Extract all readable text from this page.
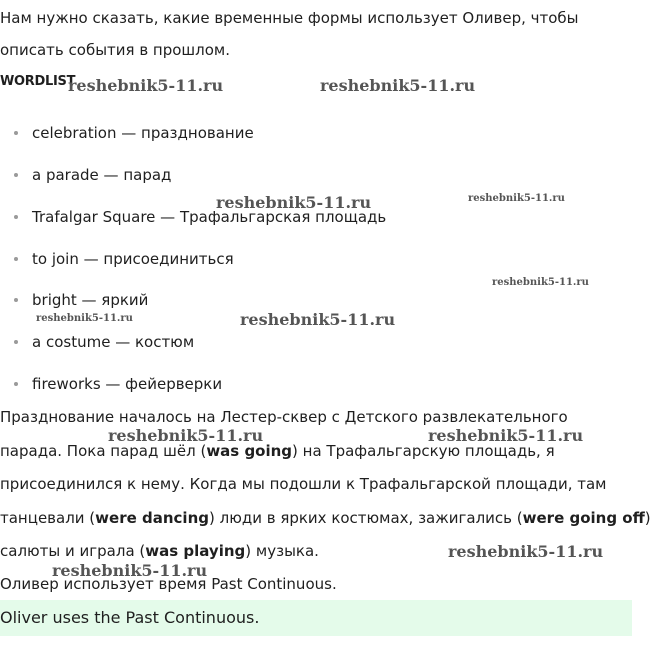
Нам нужно сказать, какие временные формы использует Оливер, чтобы

описать события в прошлом.

WORDLIST
celebration — празднование
a parade — парад
Trafalgar Square — Трафальгарская площадь
to join — присоединиться
bright — яркий
a costume — костюм
fireworks — фейерверки

Празднование началось на Лестер-сквер с Детского развлекательного

парада. Пока парад шёл (was going) на Трафальгарскую площадь, я

присоединился к нему. Когда мы подошли к Трафальгарской площади, там

танцевали (were dancing) люди в ярких костюмах, зажигались (were going off)

салюты и играла (was playing) музыка.

Оливер использует время Past Continuous.

Oliver uses the Past Continuous.
reshebnik5-11.ru	reshebnik5-11.ru
reshebnik5-11.ru	reshebnik5-11.ru
reshebnik5-11.ru
reshebnik5-11.ru	reshebnik5-11.ru
reshebnik5-11.ru	reshebnik5-11.ru
reshebnik5-11.ru
reshebnik5-11.ru
